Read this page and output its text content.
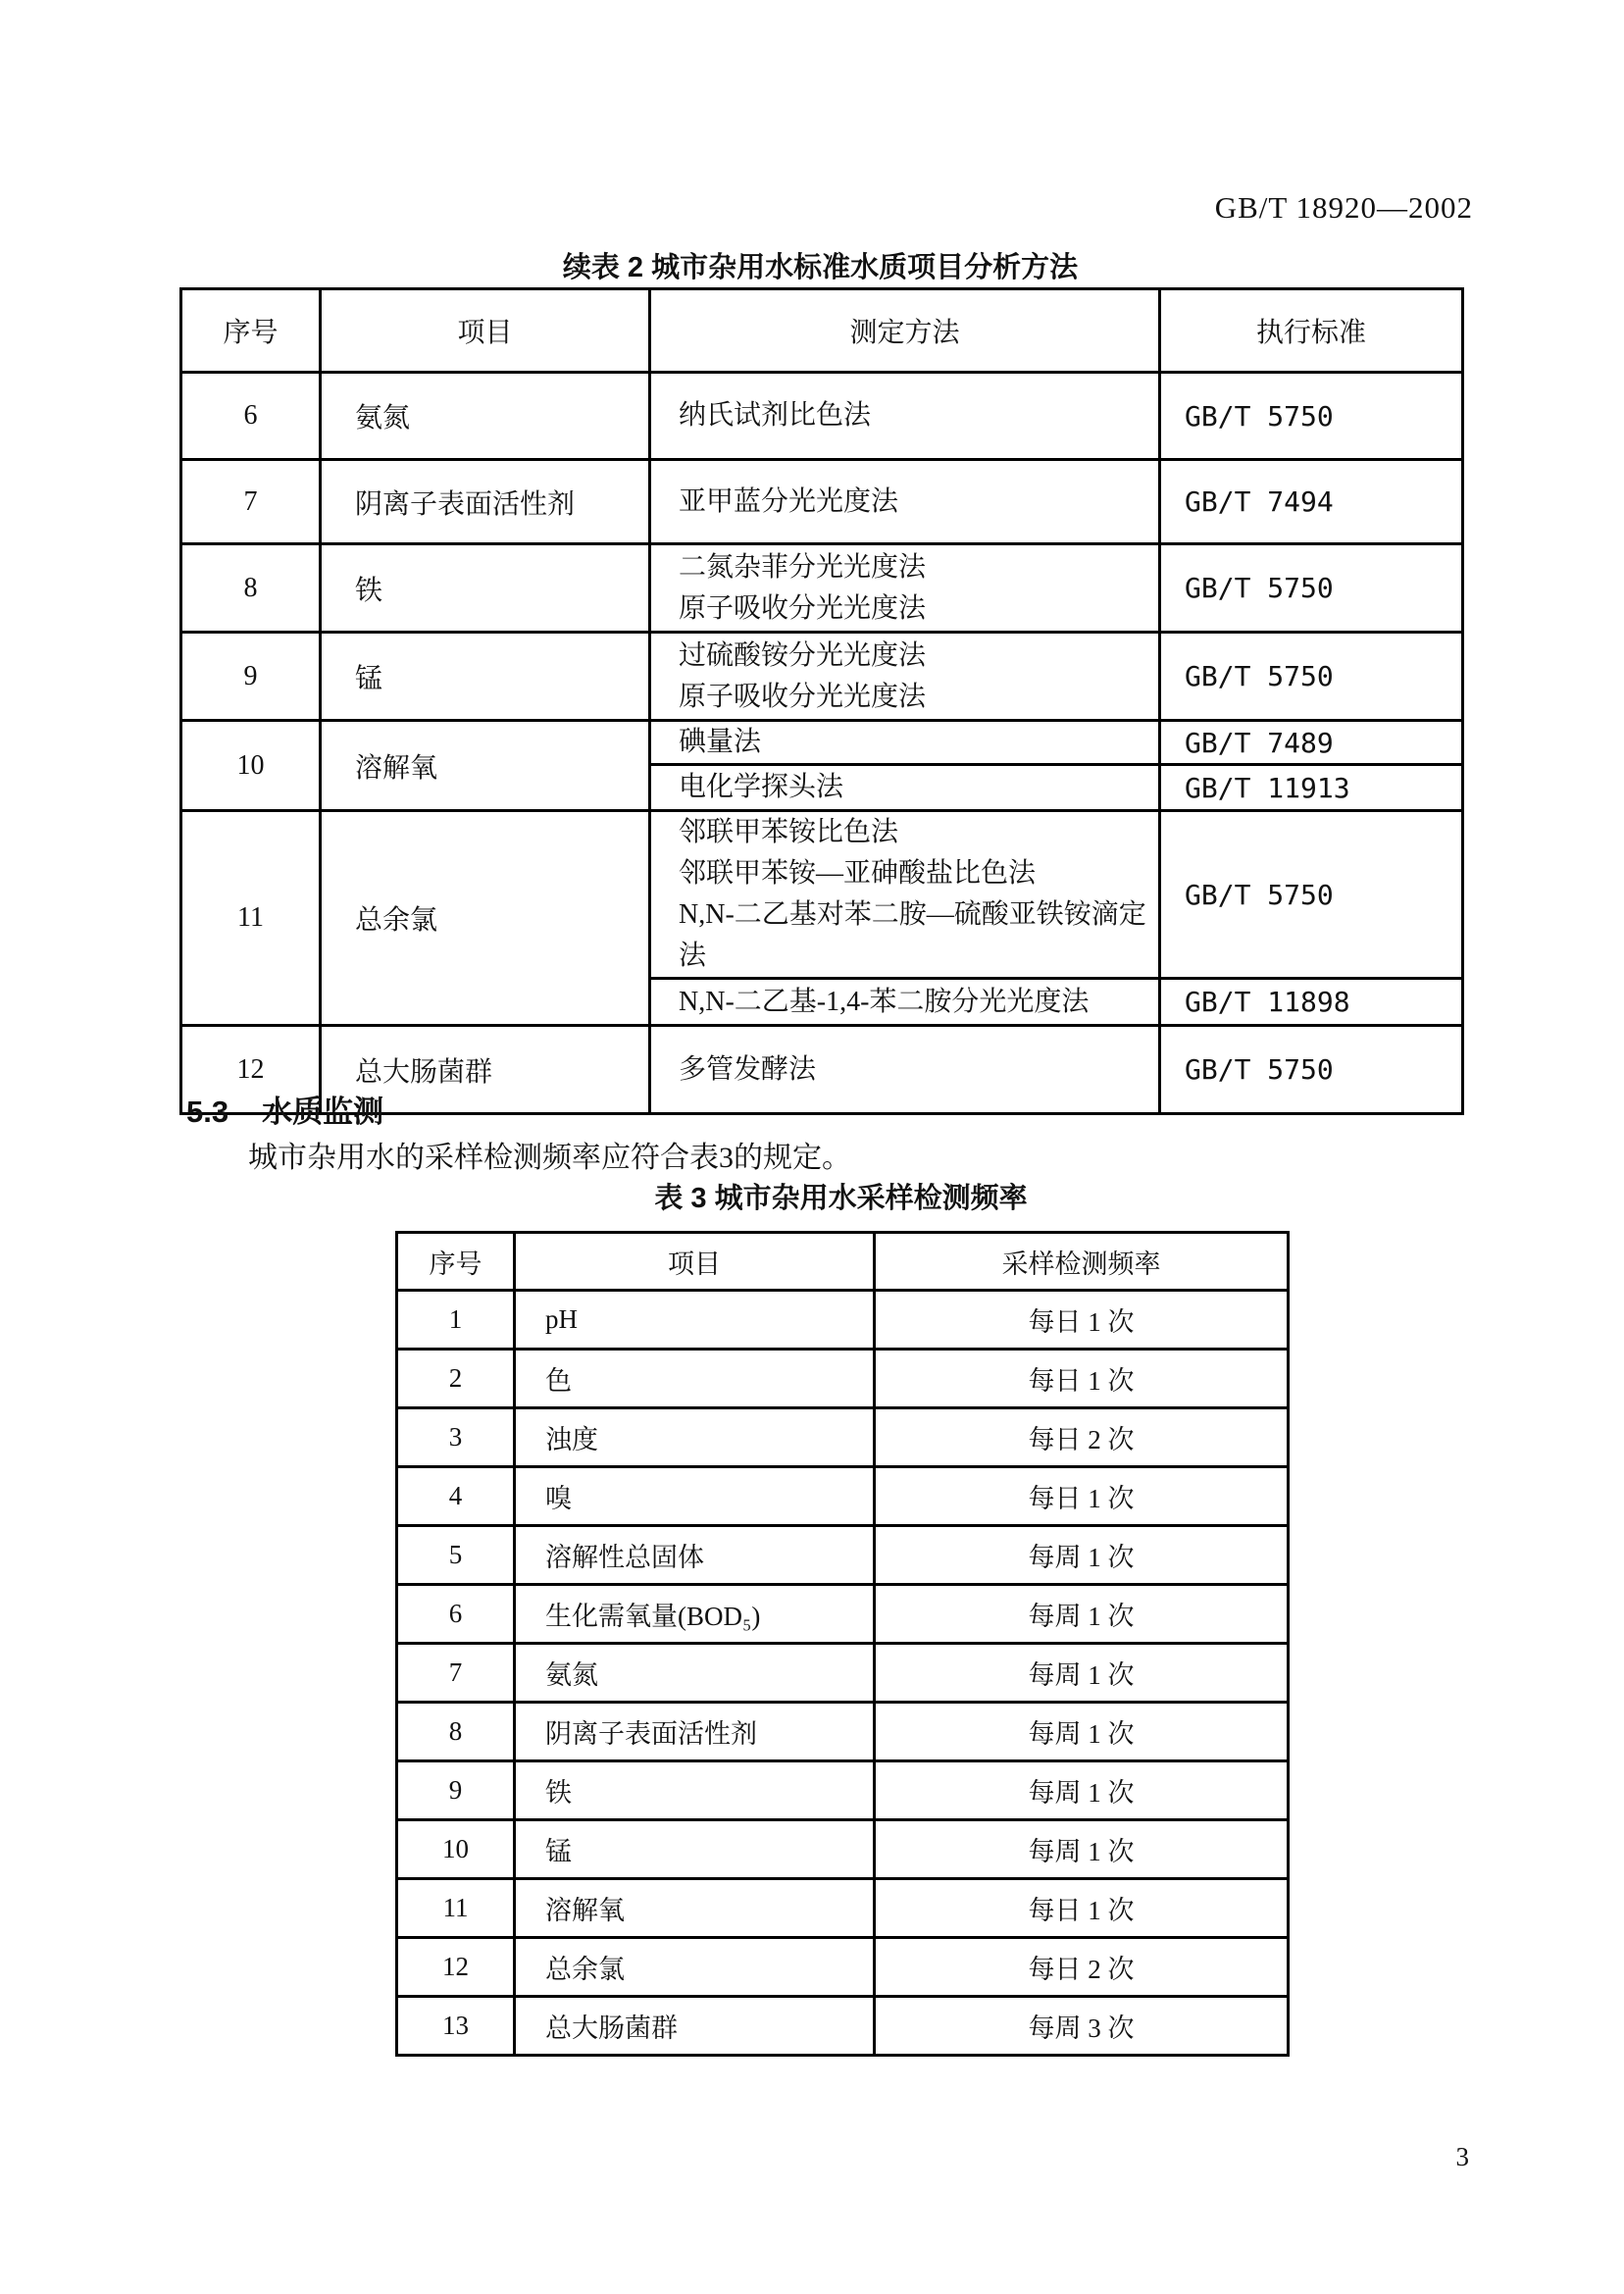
GB/T 18920—2002
续表 2 城市杂用水标准水质项目分析方法
序号	项目	测定方法	执行标准
6	氨氮	纳氏试剂比色法	GB/T 5750
7	阴离子表面活性剂	亚甲蓝分光光度法	GB/T 7494
8	铁	二氮杂菲分光光度法
原子吸收分光光度法	GB/T 5750
9	锰	过硫酸铵分光光度法
原子吸收分光光度法	GB/T 5750
10	溶解氧	碘量法	GB/T 7489
		电化学探头法	GB/T 11913
11	总余氯	邻联甲苯铵比色法
邻联甲苯铵—亚砷酸盐比色法
N,N-二乙基对苯二胺—硫酸亚铁铵滴定法	GB/T 5750
		N,N-二乙基-1,4-苯二胺分光光度法	GB/T 11898
12	总大肠菌群	多管发酵法	GB/T 5750
5.3 水质监测
城市杂用水的采样检测频率应符合表3的规定。
表 3 城市杂用水采样检测频率
序号	项目	采样检测频率
1	pH	每日 1 次
2	色	每日 1 次
3	浊度	每日 2 次
4	嗅	每日 1 次
5	溶解性总固体	每周 1 次
6	生化需氧量(BOD₅)	每周 1 次
7	氨氮	每周 1 次
8	阴离子表面活性剂	每周 1 次
9	铁	每周 1 次
10	锰	每周 1 次
11	溶解氧	每日 1 次
12	总余氯	每日 2 次
13	总大肠菌群	每周 3 次
3
